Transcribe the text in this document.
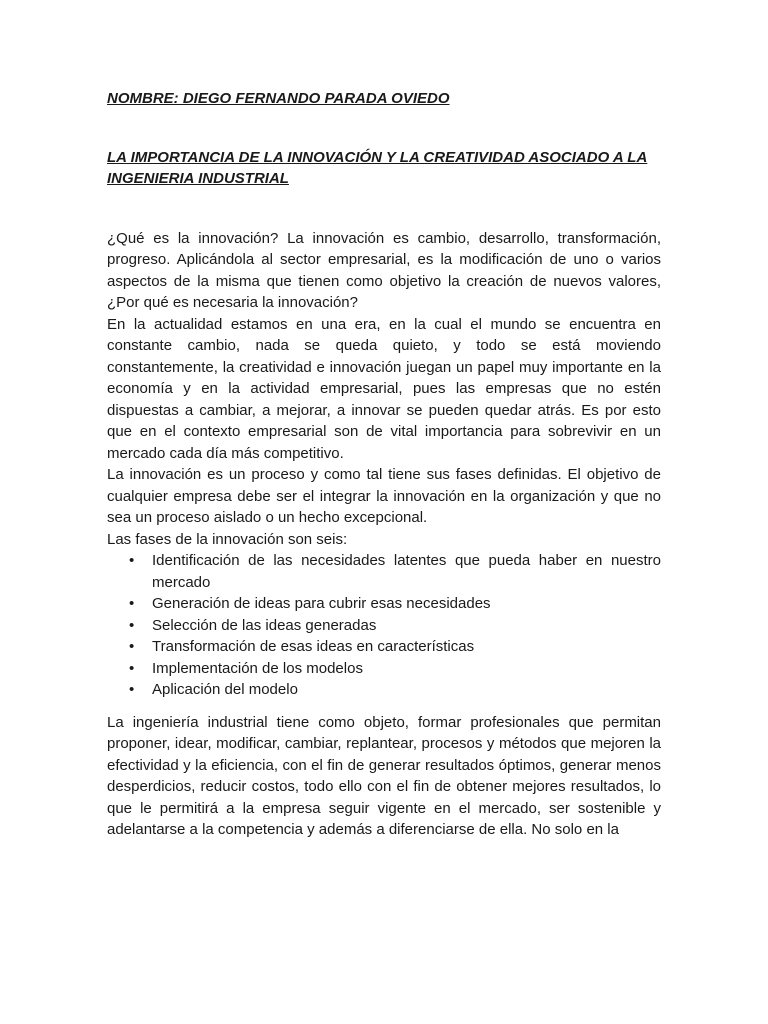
NOMBRE: DIEGO FERNANDO PARADA OVIEDO

LA IMPORTANCIA DE LA INNOVACIÓN Y LA CREATIVIDAD ASOCIADO A LA INGENIERIA INDUSTRIAL

¿Qué es la innovación? La innovación es cambio, desarrollo, transformación, progreso. Aplicándola al sector empresarial, es la modificación de uno o varios aspectos de la misma que tienen como objetivo la creación de nuevos valores, ¿Por qué es necesaria la innovación?

En la actualidad estamos en una era, en la cual el mundo se encuentra en constante cambio, nada se queda quieto, y todo se está moviendo constantemente, la creatividad e innovación juegan un papel muy importante en la economía y en la actividad empresarial, pues las empresas que no estén dispuestas a cambiar, a mejorar, a innovar se pueden quedar atrás. Es por esto que en el contexto empresarial son de vital importancia para sobrevivir en un mercado cada día más competitivo.

La innovación es un proceso y como tal tiene sus fases definidas. El objetivo de cualquier empresa debe ser el integrar la innovación en la organización y que no sea un proceso aislado o un hecho excepcional.

Las fases de la innovación son seis:

• Identificación de las necesidades latentes que pueda haber en nuestro mercado
• Generación de ideas para cubrir esas necesidades
• Selección de las ideas generadas
• Transformación de esas ideas en características
• Implementación de los modelos
• Aplicación del modelo

La ingeniería industrial tiene como objeto, formar profesionales que permitan proponer, idear, modificar, cambiar, replantear, procesos y métodos que mejoren la efectividad y la eficiencia, con el fin de generar resultados óptimos, generar menos desperdicios, reducir costos, todo ello con el fin de obtener mejores resultados, lo que le permitirá a la empresa seguir vigente en el mercado, ser sostenible y adelantarse a la competencia y además a diferenciarse de ella. No solo en la
